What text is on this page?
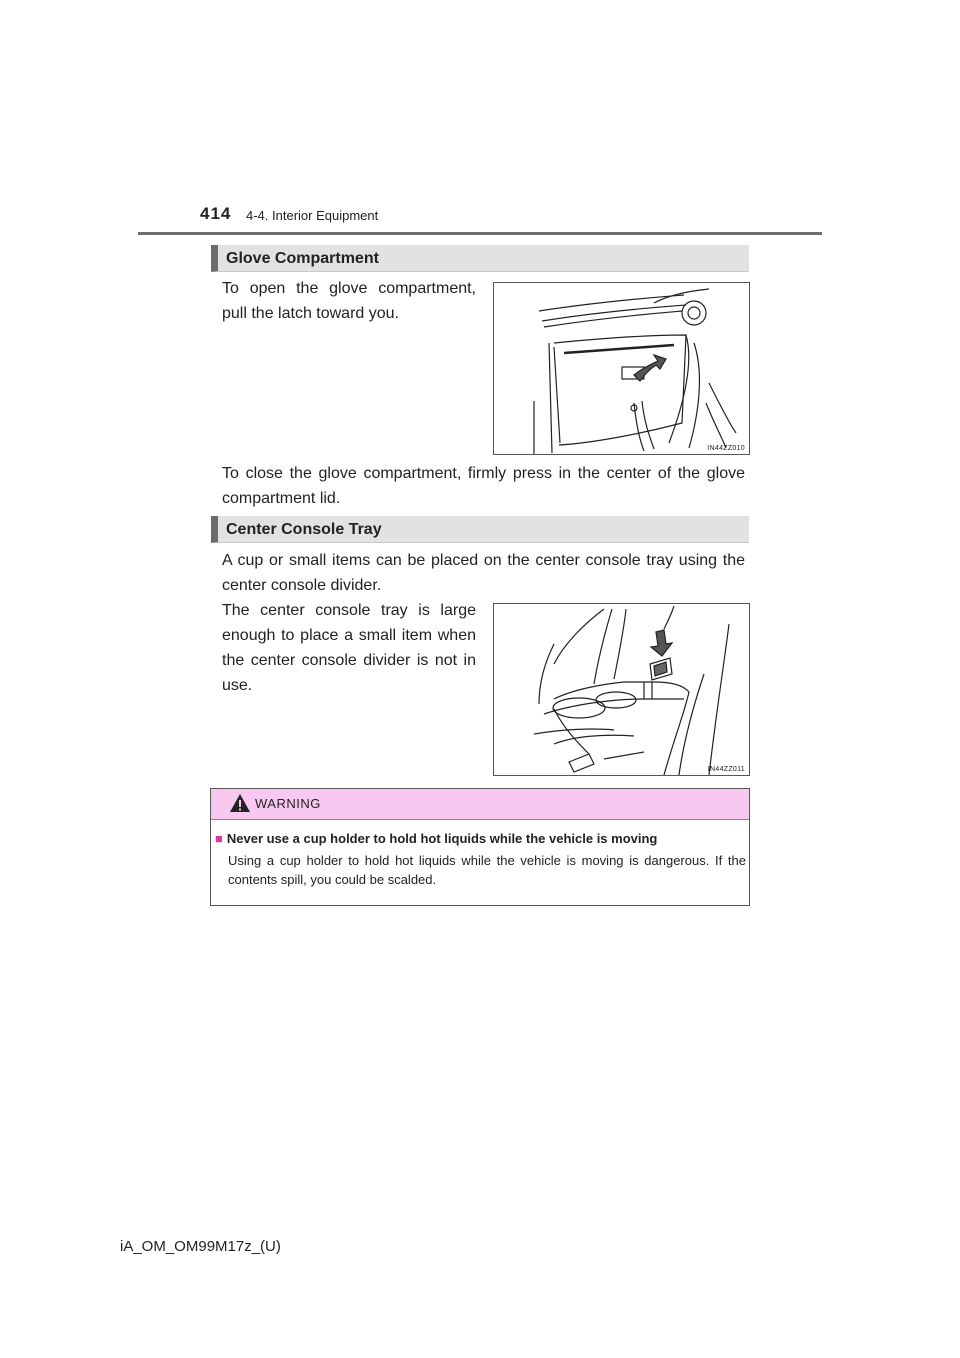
414 4-4. Interior Equipment
Glove Compartment
To open the glove compartment, pull the latch toward you.
IN44ZZ010
To close the glove compartment, firmly press in the center of the glove compartment lid.
Center Console Tray
A cup or small items can be placed on the center console tray using the center console divider.
The center console tray is large enough to place a small item when the center console divider is not in use.
IN44ZZ011
WARNING
■ Never use a cup holder to hold hot liquids while the vehicle is moving
Using a cup holder to hold hot liquids while the vehicle is moving is dangerous. If the contents spill, you could be scalded.
iA_OM_OM99M17z_(U)
